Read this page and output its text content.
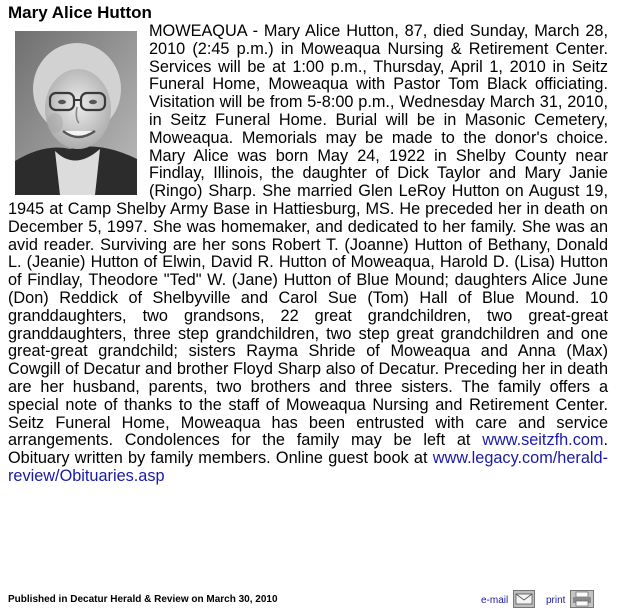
Mary Alice Hutton
MOWEAQUA - Mary Alice Hutton, 87, died Sunday, March 28, 2010 (2:45 p.m.) in Moweaqua Nursing & Retirement Center. Services will be at 1:00 p.m., Thursday, April 1, 2010 in Seitz Funeral Home, Moweaqua with Pastor Tom Black officiating. Visitation will be from 5-8:00 p.m., Wednesday March 31, 2010, in Seitz Funeral Home. Burial will be in Masonic Cemetery, Moweaqua. Memorials may be made to the donor's choice. Mary Alice was born May 24, 1922 in Shelby County near Findlay, Illinois, the daughter of Dick Taylor and Mary Janie (Ringo) Sharp. She married Glen LeRoy Hutton on August 19, 1945 at Camp Shelby Army Base in Hattiesburg, MS. He preceded her in death on December 5, 1997. She was homemaker, and dedicated to her family. She was an avid reader. Surviving are her sons Robert T. (Joanne) Hutton of Bethany, Donald L. (Jeanie) Hutton of Elwin, David R. Hutton of Moweaqua, Harold D. (Lisa) Hutton of Findlay, Theodore "Ted" W. (Jane) Hutton of Blue Mound; daughters Alice June (Don) Reddick of Shelbyville and Carol Sue (Tom) Hall of Blue Mound. 10 granddaughters, two grandsons, 22 great grandchildren, two great-great granddaughters, three step grandchildren, two step great grandchildren and one great-great grandchild; sisters Rayma Shride of Moweaqua and Anna (Max) Cowgill of Decatur and brother Floyd Sharp also of Decatur. Preceding her in death are her husband, parents, two brothers and three sisters. The family offers a special note of thanks to the staff of Moweaqua Nursing and Retirement Center. Seitz Funeral Home, Moweaqua has been entrusted with care and service arrangements. Condolences for the family may be left at www.seitzfh.com. Obituary written by family members. Online guest book at www.legacy.com/herald-review/Obituaries.asp
Published in Decatur Herald & Review on March 30, 2010	e-mail	print
